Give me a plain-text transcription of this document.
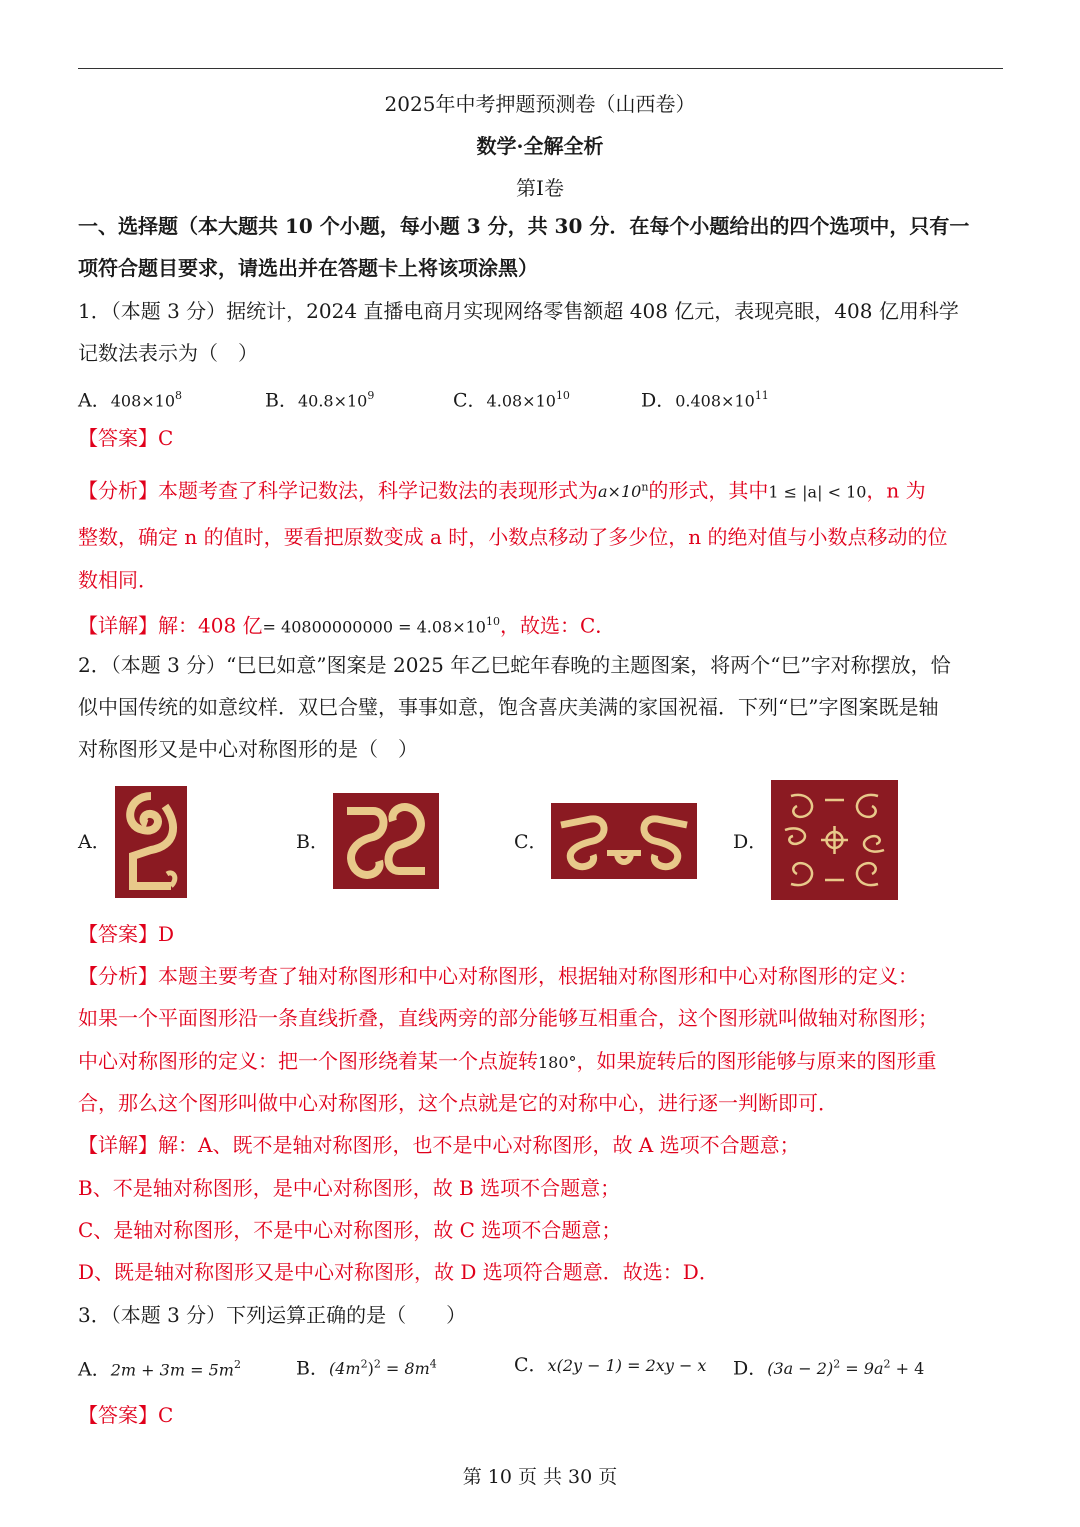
2025年中考押题预测卷（山西卷）
数学·全解全析
第Ⅰ卷
一、选择题（本大题共 10 个小题，每小题 3 分，共 30 分．在每个小题给出的四个选项中，只有一
项符合题目要求，请选出并在答题卡上将该项涂黑）
1．（本题 3 分）据统计，2024 直播电商月实现网络零售额超 408 亿元，表现亮眼，408 亿用科学
记数法表示为（　）
A．$408\times 10^8$	B．$40.8\times 10^9$	C．$4.08\times 10^{10}$	D．$0.408\times 10^{11}$
【答案】C
【分析】本题考查了科学记数法，科学记数法的表现形式为$a\times 10^n$的形式，其中1 ≤ |a| < 10，n 为
整数，确定 n 的值时，要看把原数变成 a 时，小数点移动了多少位，n 的绝对值与小数点移动的位
数相同．
【详解】解：408 亿= $40800000000 = 4.08\times 10^{10}$，故选：C．
2．（本题 3 分）“巳巳如意”图案是 2025 年乙巳蛇年春晚的主题图案，将两个“巳”字对称摆放，恰
似中国传统的如意纹样．双巳合璧，事事如意，饱含喜庆美满的家国祝福．下列“巳”字图案既是轴
对称图形又是中心对称图形的是（　）
A．	B．	C．	D．
【答案】D
【分析】本题主要考查了轴对称图形和中心对称图形，根据轴对称图形和中心对称图形的定义：
如果一个平面图形沿一条直线折叠，直线两旁的部分能够互相重合，这个图形就叫做轴对称图形；
中心对称图形的定义：把一个图形绕着某一个点旋转180°，如果旋转后的图形能够与原来的图形重
合，那么这个图形叫做中心对称图形，这个点就是它的对称中心，进行逐一判断即可．
【详解】解：A、既不是轴对称图形，也不是中心对称图形，故 A 选项不合题意；
B、不是轴对称图形，是中心对称图形，故 B 选项不合题意；
C、是轴对称图形，不是中心对称图形，故 C 选项不合题意；
D、既是轴对称图形又是中心对称图形，故 D 选项符合题意．故选：D．
3．（本题 3 分）下列运算正确的是（　　）
A．$2m + 3m = 5m^2$	B．$(4m^2)^2 = 8m^4$	C．x(2y − 1) = 2xy − x D．$(3a - 2)^2 = 9a^2 + 4$
【答案】C
第 10 页 共 30 页
